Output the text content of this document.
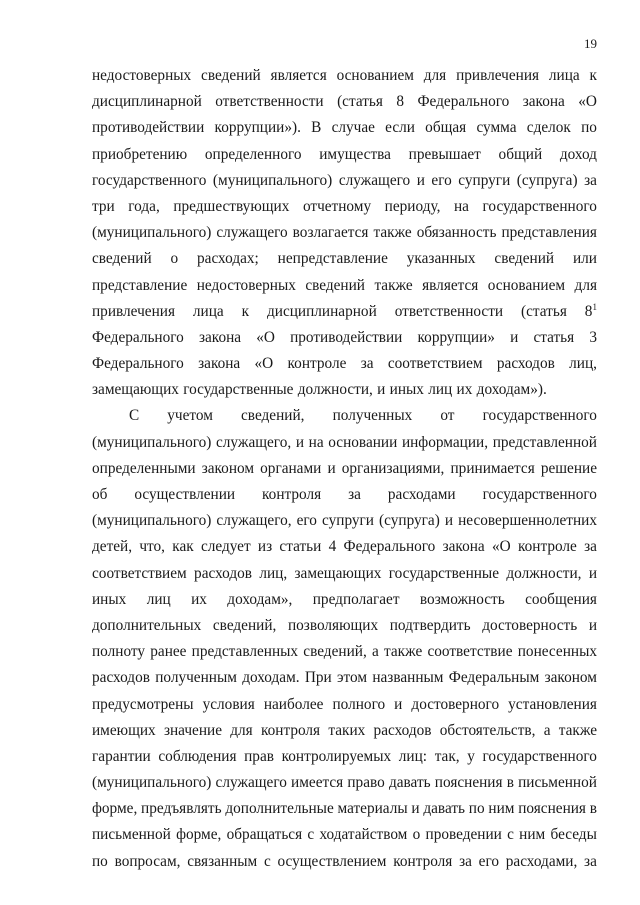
19
недостоверных сведений является основанием для привлечения лица к
дисциплинарной ответственности (статья 8 Федерального закона «О
противодействии коррупции»). В случае если общая сумма сделок по
приобретению определенного имущества превышает общий доход
государственного (муниципального) служащего и его супруги (супруга) за
три года, предшествующих отчетному периоду, на государственного
(муниципального) служащего возлагается также обязанность представления
сведений о расходах; непредставление указанных сведений или
представление недостоверных сведений также является основанием для
привлечения лица к дисциплинарной ответственности (статья 8$^1$
Федерального закона «О противодействии коррупции» и статья 3
Федерального закона «О контроле за соответствием расходов лиц,
замещающих государственные должности, и иных лиц их доходам»).
С учетом сведений, полученных от государственного
(муниципального) служащего, и на основании информации, представленной
определенными законом органами и организациями, принимается решение
об осуществлении контроля за расходами государственного
(муниципального) служащего, его супруги (супруга) и несовершеннолетних
детей, что, как следует из статьи 4 Федерального закона «О контроле за
соответствием расходов лиц, замещающих государственные должности, и
иных лиц их доходам», предполагает возможность сообщения
дополнительных сведений, позволяющих подтвердить достоверность и
полноту ранее представленных сведений, а также соответствие понесенных
расходов полученным доходам. При этом названным Федеральным законом
предусмотрены условия наиболее полного и достоверного установления
имеющих значение для контроля таких расходов обстоятельств, а также
гарантии соблюдения прав контролируемых лиц: так, у государственного
(муниципального) служащего имеется право давать пояснения в письменной
форме, предъявлять дополнительные материалы и давать по ним пояснения в
письменной форме, обращаться с ходатайством о проведении с ним беседы
по вопросам, связанным с осуществлением контроля за его расходами, за
